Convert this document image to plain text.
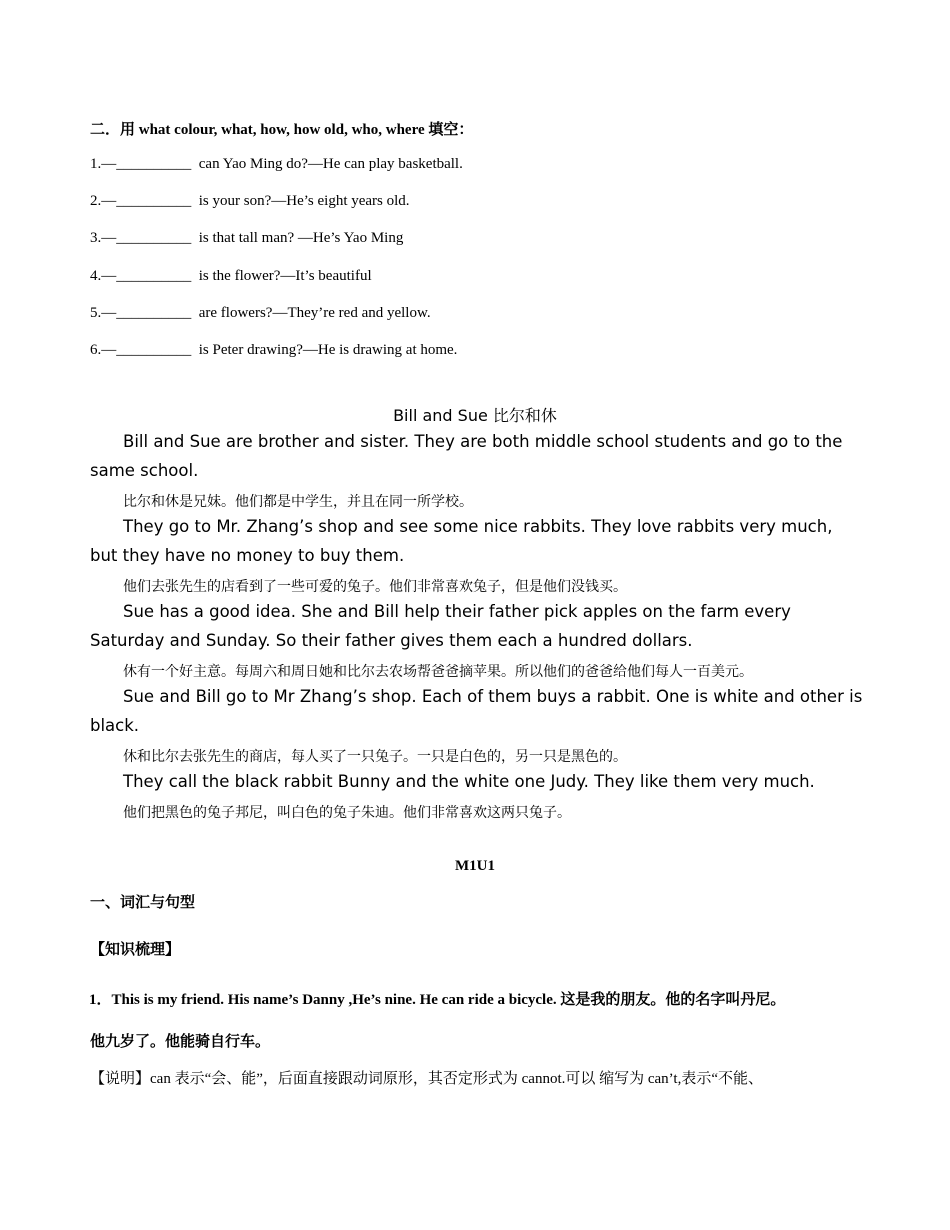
二．用 what colour, what, how, how old, who, where 填空：
1.—__________ can Yao Ming do?—He can play basketball.
2.—__________ is your son?—He’s eight years old.
3.—__________ is that tall man? —He’s Yao Ming
4.—__________ is the flower?—It’s beautiful
5.—__________ are flowers?—They’re red and yellow.
6.—__________ is Peter drawing?—He is drawing at home.
Bill and Sue 比尔和休
Bill and Sue are brother and sister. They are both middle school students and go to the same school.
比尔和休是兄妹。他们都是中学生，并且在同一所学校。
They go to Mr. Zhang’s shop and see some nice rabbits. They love rabbits very much, but they have no money to buy them.
他们去张先生的店看到了一些可爱的兔子。他们非常喜欢兔子，但是他们没钱买。
Sue has a good idea. She and Bill help their father pick apples on the farm every Saturday and Sunday. So their father gives them each a hundred dollars.
休有一个好主意。每周六和周日她和比尔去农场帮爸爸摘苹果。所以他们的爸爸给他们每人一百美元。
Sue and Bill go to Mr Zhang’s shop. Each of them buys a rabbit. One is white and other is black.
休和比尔去张先生的商店，每人买了一只兔子。一只是白色的，另一只是黑色的。
They call the black rabbit Bunny and the white one Judy. They like them very much.
他们把黑色的兔子邦尼，叫白色的兔子朱迪。他们非常喜欢这两只兔子。
M1U1
一、词汇与句型
【知识梳理】
1．This is my friend. His name’s Danny ,He’s nine. He can ride a bicycle. 这是我的朋友。他的名字叫丹尼。
他九岁了。他能骑自行车。
【说明】can 表示“会、能”，后面直接跟动词原形，其否定形式为 cannot.可以 缩写为 can’t,表示“不能、
